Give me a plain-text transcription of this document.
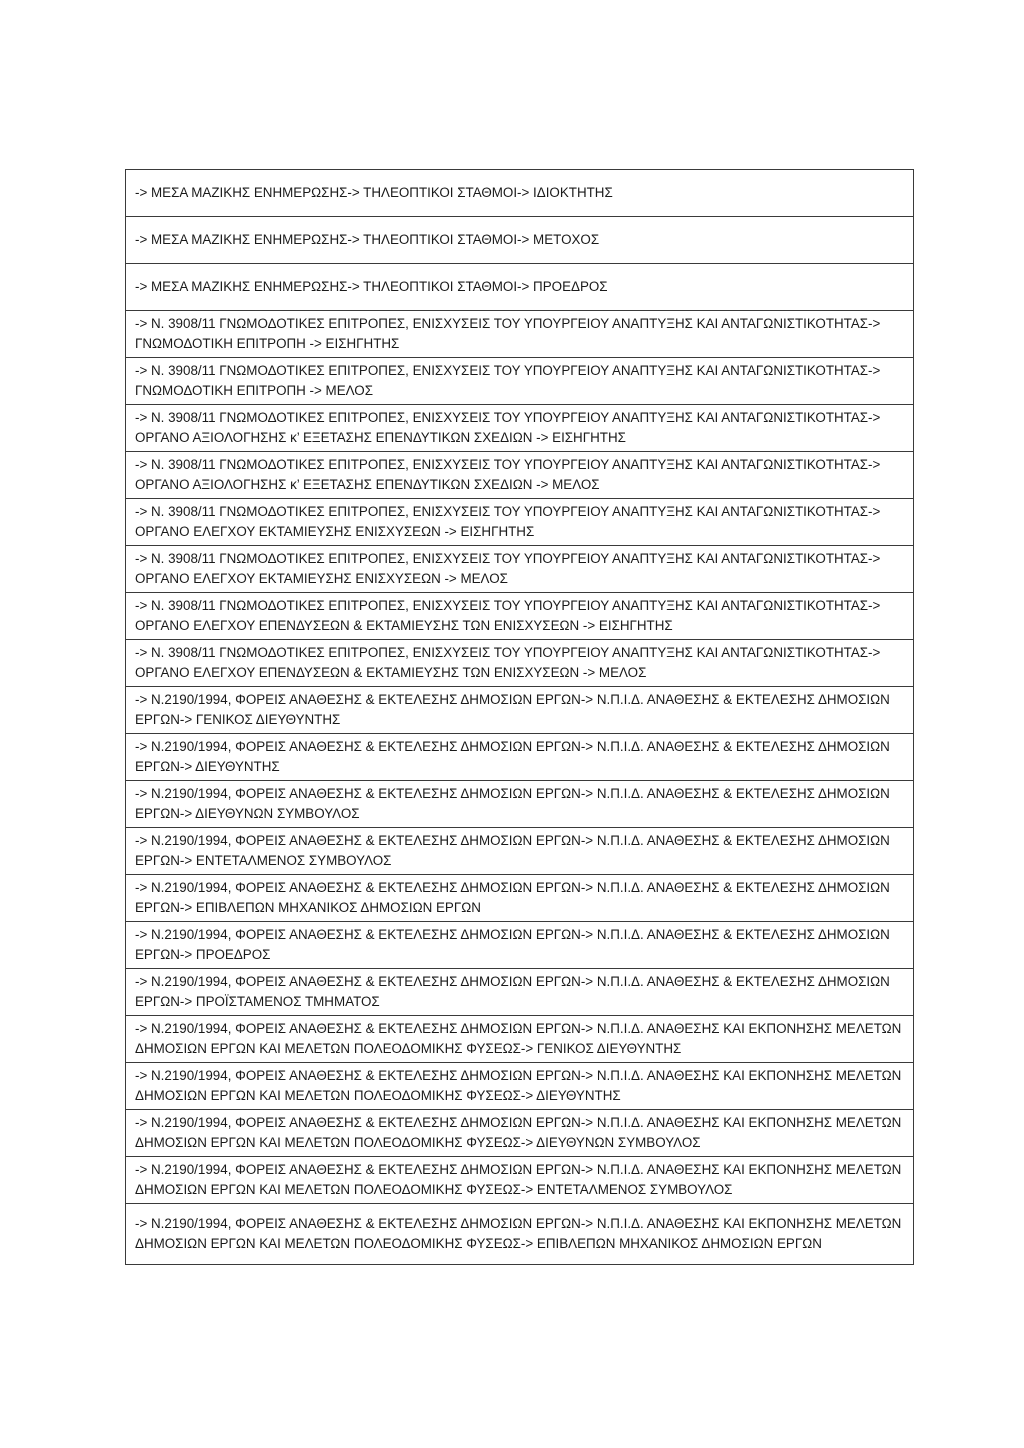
-> ΜΕΣΑ ΜΑΖΙΚΗΣ ΕΝΗΜΕΡΩΣΗΣ-> ΤΗΛΕΟΠΤΙΚΟΙ ΣΤΑΘΜΟΙ-> ΙΔΙΟΚΤΗΤΗΣ
-> ΜΕΣΑ ΜΑΖΙΚΗΣ ΕΝΗΜΕΡΩΣΗΣ-> ΤΗΛΕΟΠΤΙΚΟΙ ΣΤΑΘΜΟΙ-> ΜΕΤΟΧΟΣ
-> ΜΕΣΑ ΜΑΖΙΚΗΣ ΕΝΗΜΕΡΩΣΗΣ-> ΤΗΛΕΟΠΤΙΚΟΙ ΣΤΑΘΜΟΙ-> ΠΡΟΕΔΡΟΣ
-> Ν. 3908/11 ΓΝΩΜΟΔΟΤΙΚΕΣ ΕΠΙΤΡΟΠΕΣ, ΕΝΙΣΧΥΣΕΙΣ ΤΟΥ ΥΠΟΥΡΓΕΙΟΥ ΑΝΑΠΤΥΞΗΣ ΚΑΙ ΑΝΤΑΓΩΝΙΣΤΙΚΟΤΗΤΑΣ-> ΓΝΩΜΟΔΟΤΙΚΗ ΕΠΙΤΡΟΠΗ -> ΕΙΣΗΓΗΤΗΣ
-> Ν. 3908/11 ΓΝΩΜΟΔΟΤΙΚΕΣ ΕΠΙΤΡΟΠΕΣ, ΕΝΙΣΧΥΣΕΙΣ ΤΟΥ ΥΠΟΥΡΓΕΙΟΥ ΑΝΑΠΤΥΞΗΣ ΚΑΙ ΑΝΤΑΓΩΝΙΣΤΙΚΟΤΗΤΑΣ-> ΓΝΩΜΟΔΟΤΙΚΗ ΕΠΙΤΡΟΠΗ -> ΜΕΛΟΣ
-> Ν. 3908/11 ΓΝΩΜΟΔΟΤΙΚΕΣ ΕΠΙΤΡΟΠΕΣ, ΕΝΙΣΧΥΣΕΙΣ ΤΟΥ ΥΠΟΥΡΓΕΙΟΥ ΑΝΑΠΤΥΞΗΣ ΚΑΙ ΑΝΤΑΓΩΝΙΣΤΙΚΟΤΗΤΑΣ-> ΟΡΓΑΝΟ ΑΞΙΟΛΟΓΗΣΗΣ κ’ ΕΞΕΤΑΣΗΣ ΕΠΕΝΔΥΤΙΚΩΝ ΣΧΕΔΙΩΝ -> ΕΙΣΗΓΗΤΗΣ
-> Ν. 3908/11 ΓΝΩΜΟΔΟΤΙΚΕΣ ΕΠΙΤΡΟΠΕΣ, ΕΝΙΣΧΥΣΕΙΣ ΤΟΥ ΥΠΟΥΡΓΕΙΟΥ ΑΝΑΠΤΥΞΗΣ ΚΑΙ ΑΝΤΑΓΩΝΙΣΤΙΚΟΤΗΤΑΣ-> ΟΡΓΑΝΟ ΑΞΙΟΛΟΓΗΣΗΣ κ’ ΕΞΕΤΑΣΗΣ ΕΠΕΝΔΥΤΙΚΩΝ ΣΧΕΔΙΩΝ -> ΜΕΛΟΣ
-> Ν. 3908/11 ΓΝΩΜΟΔΟΤΙΚΕΣ ΕΠΙΤΡΟΠΕΣ, ΕΝΙΣΧΥΣΕΙΣ ΤΟΥ ΥΠΟΥΡΓΕΙΟΥ ΑΝΑΠΤΥΞΗΣ ΚΑΙ ΑΝΤΑΓΩΝΙΣΤΙΚΟΤΗΤΑΣ-> ΟΡΓΑΝΟ ΕΛΕΓΧΟΥ ΕΚΤΑΜΙΕΥΣΗΣ ΕΝΙΣΧΥΣΕΩΝ -> ΕΙΣΗΓΗΤΗΣ
-> Ν. 3908/11 ΓΝΩΜΟΔΟΤΙΚΕΣ ΕΠΙΤΡΟΠΕΣ, ΕΝΙΣΧΥΣΕΙΣ ΤΟΥ ΥΠΟΥΡΓΕΙΟΥ ΑΝΑΠΤΥΞΗΣ ΚΑΙ ΑΝΤΑΓΩΝΙΣΤΙΚΟΤΗΤΑΣ-> ΟΡΓΑΝΟ ΕΛΕΓΧΟΥ ΕΚΤΑΜΙΕΥΣΗΣ ΕΝΙΣΧΥΣΕΩΝ -> ΜΕΛΟΣ
-> Ν. 3908/11 ΓΝΩΜΟΔΟΤΙΚΕΣ ΕΠΙΤΡΟΠΕΣ, ΕΝΙΣΧΥΣΕΙΣ ΤΟΥ ΥΠΟΥΡΓΕΙΟΥ ΑΝΑΠΤΥΞΗΣ ΚΑΙ ΑΝΤΑΓΩΝΙΣΤΙΚΟΤΗΤΑΣ-> ΟΡΓΑΝΟ ΕΛΕΓΧΟΥ ΕΠΕΝΔΥΣΕΩΝ & ΕΚΤΑΜΙΕΥΣΗΣ ΤΩΝ ΕΝΙΣΧΥΣΕΩΝ -> ΕΙΣΗΓΗΤΗΣ
-> Ν. 3908/11 ΓΝΩΜΟΔΟΤΙΚΕΣ ΕΠΙΤΡΟΠΕΣ, ΕΝΙΣΧΥΣΕΙΣ ΤΟΥ ΥΠΟΥΡΓΕΙΟΥ ΑΝΑΠΤΥΞΗΣ ΚΑΙ ΑΝΤΑΓΩΝΙΣΤΙΚΟΤΗΤΑΣ-> ΟΡΓΑΝΟ ΕΛΕΓΧΟΥ ΕΠΕΝΔΥΣΕΩΝ & ΕΚΤΑΜΙΕΥΣΗΣ ΤΩΝ ΕΝΙΣΧΥΣΕΩΝ -> ΜΕΛΟΣ
-> Ν.2190/1994, ΦΟΡΕΙΣ ΑΝΑΘΕΣΗΣ & ΕΚΤΕΛΕΣΗΣ ΔΗΜΟΣΙΩΝ ΕΡΓΩΝ-> Ν.Π.Ι.Δ. ΑΝΑΘΕΣΗΣ & ΕΚΤΕΛΕΣΗΣ ΔΗΜΟΣΙΩΝ ΕΡΓΩΝ-> ΓΕΝΙΚΟΣ ΔΙΕΥΘΥΝΤΗΣ
-> Ν.2190/1994, ΦΟΡΕΙΣ ΑΝΑΘΕΣΗΣ & ΕΚΤΕΛΕΣΗΣ ΔΗΜΟΣΙΩΝ ΕΡΓΩΝ-> Ν.Π.Ι.Δ. ΑΝΑΘΕΣΗΣ & ΕΚΤΕΛΕΣΗΣ ΔΗΜΟΣΙΩΝ ΕΡΓΩΝ-> ΔΙΕΥΘΥΝΤΗΣ
-> Ν.2190/1994, ΦΟΡΕΙΣ ΑΝΑΘΕΣΗΣ & ΕΚΤΕΛΕΣΗΣ ΔΗΜΟΣΙΩΝ ΕΡΓΩΝ-> Ν.Π.Ι.Δ. ΑΝΑΘΕΣΗΣ & ΕΚΤΕΛΕΣΗΣ ΔΗΜΟΣΙΩΝ ΕΡΓΩΝ-> ΔΙΕΥΘΥΝΩΝ ΣΥΜΒΟΥΛΟΣ
-> Ν.2190/1994, ΦΟΡΕΙΣ ΑΝΑΘΕΣΗΣ & ΕΚΤΕΛΕΣΗΣ ΔΗΜΟΣΙΩΝ ΕΡΓΩΝ-> Ν.Π.Ι.Δ. ΑΝΑΘΕΣΗΣ & ΕΚΤΕΛΕΣΗΣ ΔΗΜΟΣΙΩΝ ΕΡΓΩΝ-> ΕΝΤΕΤΑΛΜΕΝΟΣ ΣΥΜΒΟΥΛΟΣ
-> Ν.2190/1994, ΦΟΡΕΙΣ ΑΝΑΘΕΣΗΣ & ΕΚΤΕΛΕΣΗΣ ΔΗΜΟΣΙΩΝ ΕΡΓΩΝ-> Ν.Π.Ι.Δ. ΑΝΑΘΕΣΗΣ & ΕΚΤΕΛΕΣΗΣ ΔΗΜΟΣΙΩΝ ΕΡΓΩΝ-> ΕΠΙΒΛΕΠΩΝ ΜΗΧΑΝΙΚΟΣ ΔΗΜΟΣΙΩΝ ΕΡΓΩΝ
-> Ν.2190/1994, ΦΟΡΕΙΣ ΑΝΑΘΕΣΗΣ & ΕΚΤΕΛΕΣΗΣ ΔΗΜΟΣΙΩΝ ΕΡΓΩΝ-> Ν.Π.Ι.Δ. ΑΝΑΘΕΣΗΣ & ΕΚΤΕΛΕΣΗΣ ΔΗΜΟΣΙΩΝ ΕΡΓΩΝ-> ΠΡΟΕΔΡΟΣ
-> Ν.2190/1994, ΦΟΡΕΙΣ ΑΝΑΘΕΣΗΣ & ΕΚΤΕΛΕΣΗΣ ΔΗΜΟΣΙΩΝ ΕΡΓΩΝ-> Ν.Π.Ι.Δ. ΑΝΑΘΕΣΗΣ & ΕΚΤΕΛΕΣΗΣ ΔΗΜΟΣΙΩΝ ΕΡΓΩΝ-> ΠΡΟΪΣΤΑΜΕΝΟΣ ΤΜΗΜΑΤΟΣ
-> Ν.2190/1994, ΦΟΡΕΙΣ ΑΝΑΘΕΣΗΣ & ΕΚΤΕΛΕΣΗΣ ΔΗΜΟΣΙΩΝ ΕΡΓΩΝ-> Ν.Π.Ι.Δ. ΑΝΑΘΕΣΗΣ ΚΑΙ ΕΚΠΟΝΗΣΗΣ ΜΕΛΕΤΩΝ ΔΗΜΟΣΙΩΝ ΕΡΓΩΝ ΚΑΙ ΜΕΛΕΤΩΝ ΠΟΛΕΟΔΟΜΙΚΗΣ ΦΥΣΕΩΣ-> ΓΕΝΙΚΟΣ ΔΙΕΥΘΥΝΤΗΣ
-> Ν.2190/1994, ΦΟΡΕΙΣ ΑΝΑΘΕΣΗΣ & ΕΚΤΕΛΕΣΗΣ ΔΗΜΟΣΙΩΝ ΕΡΓΩΝ-> Ν.Π.Ι.Δ. ΑΝΑΘΕΣΗΣ ΚΑΙ ΕΚΠΟΝΗΣΗΣ ΜΕΛΕΤΩΝ ΔΗΜΟΣΙΩΝ ΕΡΓΩΝ ΚΑΙ ΜΕΛΕΤΩΝ ΠΟΛΕΟΔΟΜΙΚΗΣ ΦΥΣΕΩΣ-> ΔΙΕΥΘΥΝΤΗΣ
-> Ν.2190/1994, ΦΟΡΕΙΣ ΑΝΑΘΕΣΗΣ & ΕΚΤΕΛΕΣΗΣ ΔΗΜΟΣΙΩΝ ΕΡΓΩΝ-> Ν.Π.Ι.Δ. ΑΝΑΘΕΣΗΣ ΚΑΙ ΕΚΠΟΝΗΣΗΣ ΜΕΛΕΤΩΝ ΔΗΜΟΣΙΩΝ ΕΡΓΩΝ ΚΑΙ ΜΕΛΕΤΩΝ ΠΟΛΕΟΔΟΜΙΚΗΣ ΦΥΣΕΩΣ-> ΔΙΕΥΘΥΝΩΝ ΣΥΜΒΟΥΛΟΣ
-> Ν.2190/1994, ΦΟΡΕΙΣ ΑΝΑΘΕΣΗΣ & ΕΚΤΕΛΕΣΗΣ ΔΗΜΟΣΙΩΝ ΕΡΓΩΝ-> Ν.Π.Ι.Δ. ΑΝΑΘΕΣΗΣ ΚΑΙ ΕΚΠΟΝΗΣΗΣ ΜΕΛΕΤΩΝ ΔΗΜΟΣΙΩΝ ΕΡΓΩΝ ΚΑΙ ΜΕΛΕΤΩΝ ΠΟΛΕΟΔΟΜΙΚΗΣ ΦΥΣΕΩΣ-> ΕΝΤΕΤΑΛΜΕΝΟΣ ΣΥΜΒΟΥΛΟΣ
-> Ν.2190/1994, ΦΟΡΕΙΣ ΑΝΑΘΕΣΗΣ & ΕΚΤΕΛΕΣΗΣ ΔΗΜΟΣΙΩΝ ΕΡΓΩΝ-> Ν.Π.Ι.Δ. ΑΝΑΘΕΣΗΣ ΚΑΙ ΕΚΠΟΝΗΣΗΣ ΜΕΛΕΤΩΝ ΔΗΜΟΣΙΩΝ ΕΡΓΩΝ ΚΑΙ ΜΕΛΕΤΩΝ ΠΟΛΕΟΔΟΜΙΚΗΣ ΦΥΣΕΩΣ-> ΕΠΙΒΛΕΠΩΝ ΜΗΧΑΝΙΚΟΣ ΔΗΜΟΣΙΩΝ ΕΡΓΩΝ
